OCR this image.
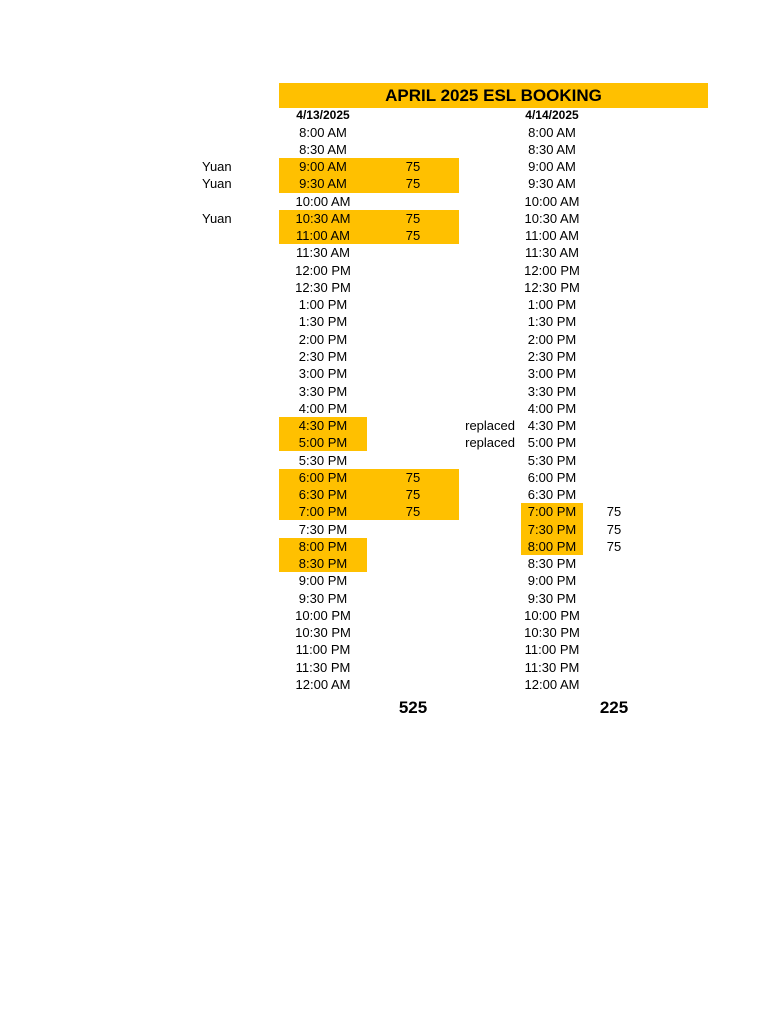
APRIL 2025 ESL BOOKING
4/13/2025	4/14/2025
8:00 AM	8:00 AM
8:30 AM	8:30 AM
Yuan	9:00 AM	75	9:00 AM
Yuan	9:30 AM	75	9:30 AM
10:00 AM	10:00 AM
Yuan	10:30 AM	75	10:30 AM
11:00 AM	75	11:00 AM
11:30 AM	11:30 AM
12:00 PM	12:00 PM
12:30 PM	12:30 PM
1:00 PM	1:00 PM
1:30 PM	1:30 PM
2:00 PM	2:00 PM
2:30 PM	2:30 PM
3:00 PM	3:00 PM
3:30 PM	3:30 PM
4:00 PM	4:00 PM
4:30 PM	replaced 4:30 PM
5:00 PM	replaced 5:00 PM
5:30 PM	5:30 PM
6:00 PM	75	6:00 PM
6:30 PM	75	6:30 PM
7:00 PM	75	7:00 PM	75
7:30 PM	7:30 PM	75
8:00 PM	8:00 PM	75
8:30 PM	8:30 PM
9:00 PM	9:00 PM
9:30 PM	9:30 PM
10:00 PM	10:00 PM
10:30 PM	10:30 PM
11:00 PM	11:00 PM
11:30 PM	11:30 PM
12:00 AM	12:00 AM
525	225
